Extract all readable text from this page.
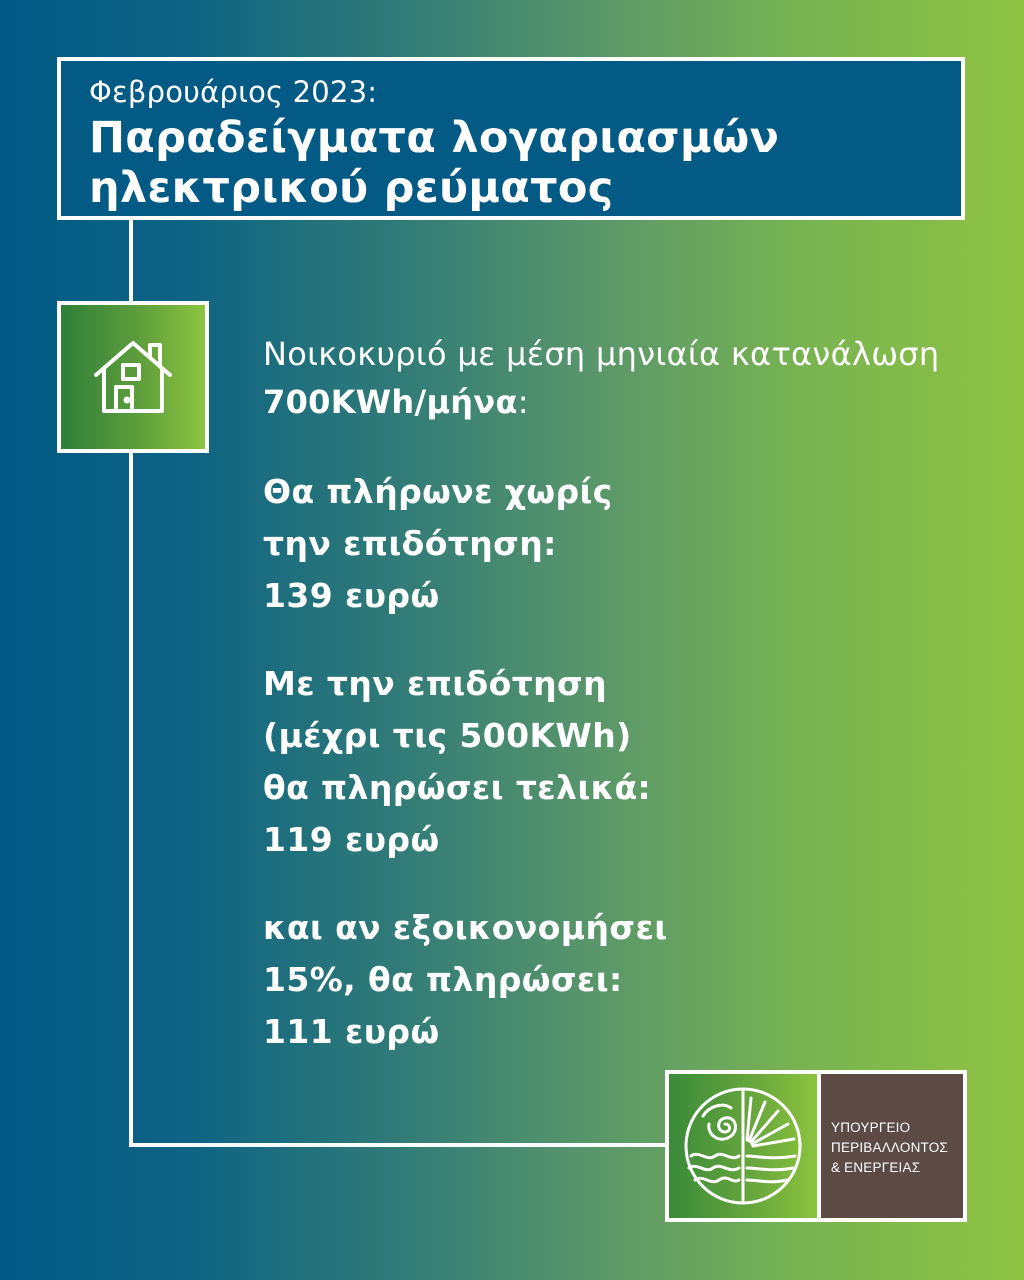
Φεβρουάριος 2023:
Παραδείγματα λογαριασμών ηλεκτρικού ρεύματος
Νοικοκυριό με μέση μηνιαία κατανάλωση 700KWh/μήνα:
Θα πλήρωνε χωρίς
την επιδότηση:
139 ευρώ
Με την επιδότηση
(μέχρι τις 500KWh)
θα πληρώσει τελικά:
119 ευρώ
και αν εξοικονομήσει
15%, θα πληρώσει:
111 ευρώ
ΥΠΟΥΡΓΕΙΟ
ΠΕΡΙΒΑΛΛΟΝΤΟΣ
& ΕΝΕΡΓΕΙΑΣ
